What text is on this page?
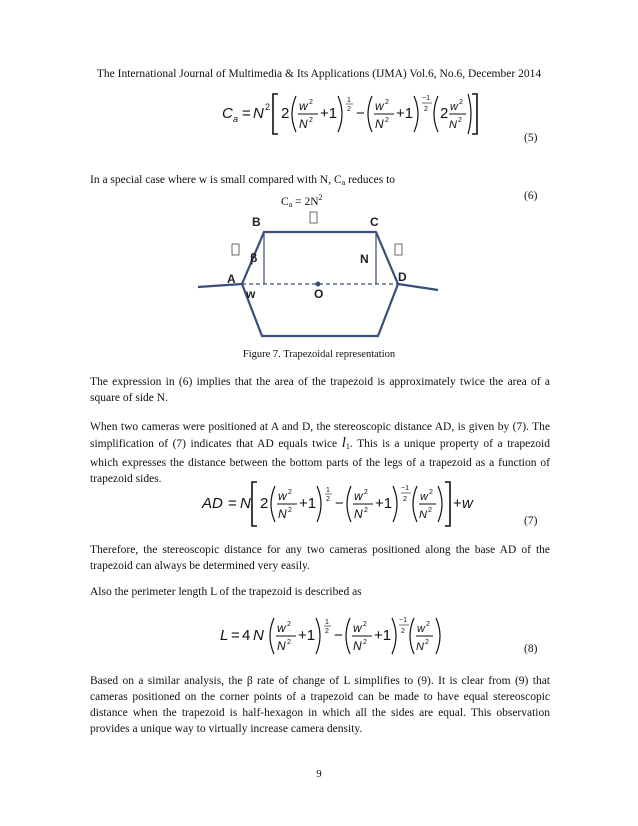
The International Journal of Multimedia & Its Applications (IJMA) Vol.6, No.6, December 2014
C a = N 2 2 w 2
N 2 +1
1
2 − w 2
N 2 +1
−1
2 2 w 2
N 2
(5)
In a special case where w is small compared with N, $C_a$ reduces to
$C_a = 2N^2$	(6)
B	C
A	D
N
β
w	O
Figure 7. Trapezoidal representation
The expression in (6) implies that the area of the trapezoid is approximately twice the area of a square of side N.
When two cameras were positioned at A and D, the stereoscopic distance AD, is given by (7). The simplification of (7) indicates that AD equals twice $l_1$. This is a unique property of a trapezoid which expresses the distance between the bottom parts of the legs of a trapezoid as a function of trapezoid sides.
AD = N 2 w 2
N 2 +1
1
2 − w 2
N 2 +1
−1
2 w 2
N 2 + w
(7)
Therefore, the stereoscopic distance for any two cameras positioned along the base AD of the trapezoid can always be determined very easily.
Also the perimeter length L of the trapezoid is described as
L = 4 N w 2
N 2 +1
1
2 − w 2
N 2 +1
−1
2 w 2
N 2
(8)
Based on a similar analysis, the β rate of change of L simplifies to (9). It is clear from (9) that cameras positioned on the corner points of a trapezoid can be made to have equal stereoscopic distance when the trapezoid is half-hexagon in which all the sides are equal. This observation provides a unique way to virtually increase camera density.
9
